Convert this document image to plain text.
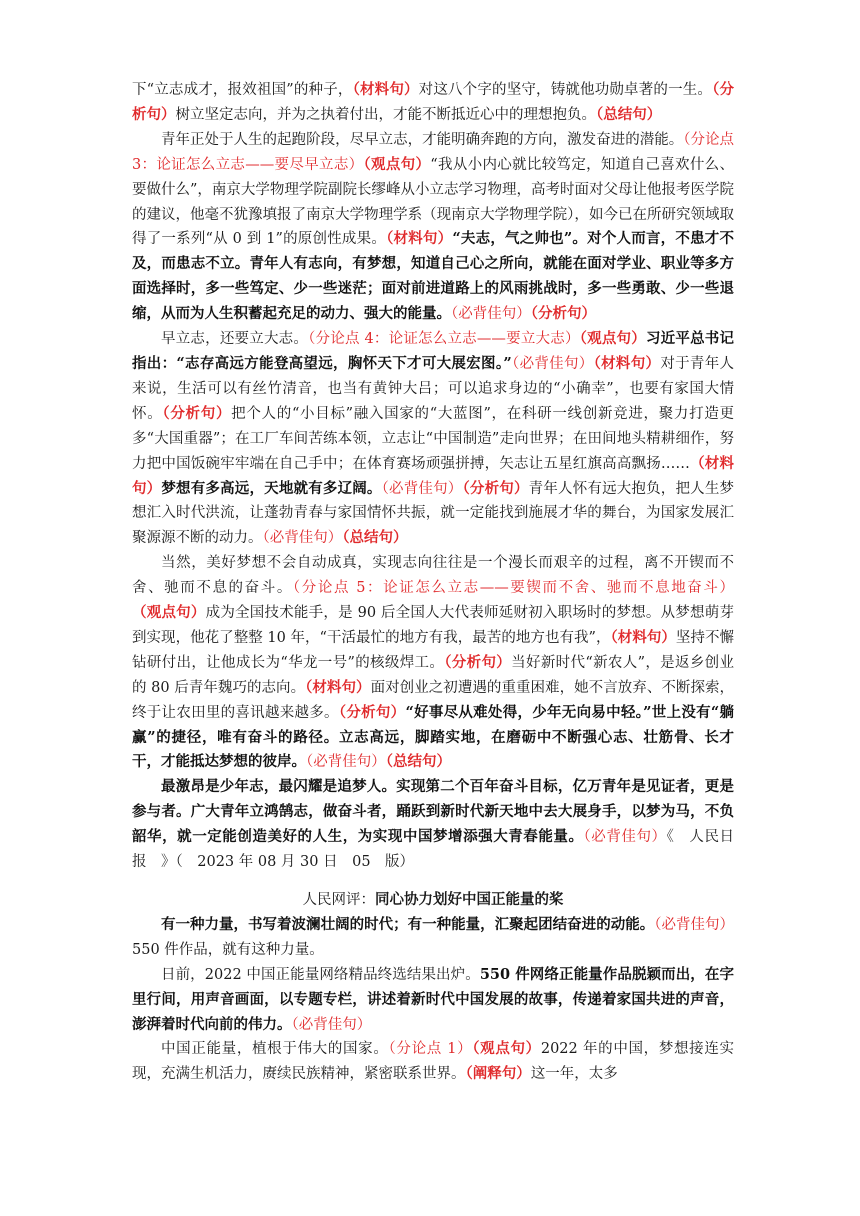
下“立志成才，报效祖国”的种子，（材料句）对这八个字的坚守，铸就他功勋卓著的一生。（分析句）树立坚定志向，并为之执着付出，才能不断抵近心中的理想抱负。（总结句）

青年正处于人生的起跑阶段，尽早立志，才能明确奔跑的方向，激发奋进的潜能。（分论点 3：论证怎么立志——要尽早立志）（观点句）“我从小内心就比较笃定，知道自己喜欢什么、要做什么”，南京大学物理学院副院长缪峰从小立志学习物理，高考时面对父母让他报考医学院的建议，他毫不犹豫填报了南京大学物理学系（现南京大学物理学院），如今已在所研究领域取得了一系列“从 0 到 1”的原创性成果。（材料句）“夫志，气之帅也”。对个人而言，不患才不及，而患志不立。青年人有志向，有梦想，知道自己心之所向，就能在面对学业、职业等多方面选择时，多一些笃定、少一些迷茫；面对前进道路上的风雨挑战时，多一些勇敢、少一些退缩，从而为人生积蓄起充足的动力、强大的能量。（必背佳句）（分析句）

早立志，还要立大志。（分论点 4：论证怎么立志——要立大志）（观点句）习近平总书记指出：“志存高远方能登高望远，胸怀天下才可大展宏图。”（必背佳句）（材料句）对于青年人来说，生活可以有丝竹清音，也当有黄钟大吕；可以追求身边的“小确幸”，也要有家国大情怀。（分析句）把个人的“小目标”融入国家的“大蓝图”，在科研一线创新竞进，聚力打造更多“大国重器”；在工厂车间苦练本领，立志让“中国制造”走向世界；在田间地头精耕细作，努力把中国饭碗牢牢端在自己手中；在体育赛场顽强拼搏，矢志让五星红旗高高飘扬……（材料句）梦想有多高远，天地就有多辽阔。（必背佳句）（分析句）青年人怀有远大抱负，把人生梦想汇入时代洪流，让蓬勃青春与家国情怀共振，就一定能找到施展才华的舞台，为国家发展汇聚源源不断的动力。（必背佳句）（总结句）

当然，美好梦想不会自动成真，实现志向往往是一个漫长而艰辛的过程，离不开锲而不舍、驰而不息的奋斗。（分论点 5：论证怎么立志——要锲而不舍、驰而不息地奋斗）（观点句）成为全国技术能手，是 90 后全国人大代表师延财初入职场时的梦想。从梦想萌芽到实现，他花了整整 10 年，“干活最忙的地方有我，最苦的地方也有我”，（材料句）坚持不懈钻研付出，让他成长为“华龙一号”的核级焊工。（分析句）当好新时代“新农人”，是返乡创业的 80 后青年魏巧的志向。（材料句）面对创业之初遭遇的重重困难，她不言放弃、不断探索，终于让农田里的喜讯越来越多。（分析句）“好事尽从难处得，少年无向易中轻。”世上没有“躺赢”的捷径，唯有奋斗的路径。立志高远，脚踏实地，在磨砺中不断强心志、壮筋骨、长才干，才能抵达梦想的彼岸。（必背佳句）（总结句）

最激昂是少年志，最闪耀是追梦人。实现第二个百年奋斗目标，亿万青年是见证者，更是参与者。广大青年立鸿鹄志，做奋斗者，踊跃到新时代新天地中去大展身手，以梦为马，不负韶华，就一定能创造美好的人生，为实现中国梦增添强大青春能量。（必背佳句）《　人民日报　》（　2023 年 08 月 30 日　05　版）

人民网评：同心协力划好中国正能量的桨

有一种力量，书写着波澜壮阔的时代；有一种能量，汇聚起团结奋进的动能。（必背佳句）550 件作品，就有这种力量。

日前，2022 中国正能量网络精品终选结果出炉。550 件网络正能量作品脱颖而出，在字里行间，用声音画面，以专题专栏，讲述着新时代中国发展的故事，传递着家国共进的声音，澎湃着时代向前的伟力。（必背佳句）

中国正能量，植根于伟大的国家。（分论点 1）（观点句）2022 年的中国，梦想接连实现，充满生机活力，赓续民族精神，紧密联系世界。（阐释句）这一年，太多
